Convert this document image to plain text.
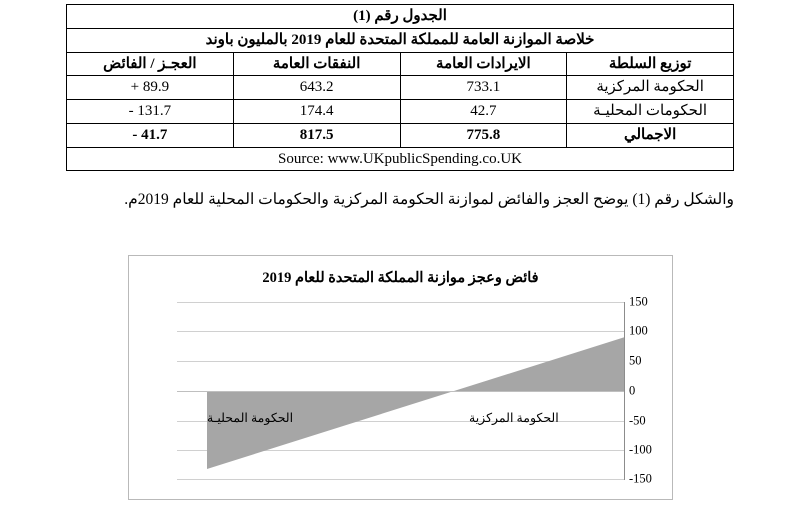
الجدول رقم (1)			
خلاصة الموازنة العامة للمملكة المتحدة للعام 2019 بالمليون باوند			
العجـز / الفائض	النفقات العامة	الايرادات العامة	توزيع السلطة
+ 89.9	643.2	733.1	الحكومة المركزية
- 131.7	174.4	42.7	الحكومات المحليـة
- 41.7	817.5	775.8	الاجمالي
Source: www.UKpublicSpending.co.UK			
والشكل رقم (1) يوضح العجز والفائض لموازنة الحكومة المركزية والحكومات المحلية للعام 2019م.
فائض وعجز موازنة المملكة المتحدة للعام 2019
150
100
50
0
-50
-100
-150
الحكومة المركزية
الحكومة المحليـة
